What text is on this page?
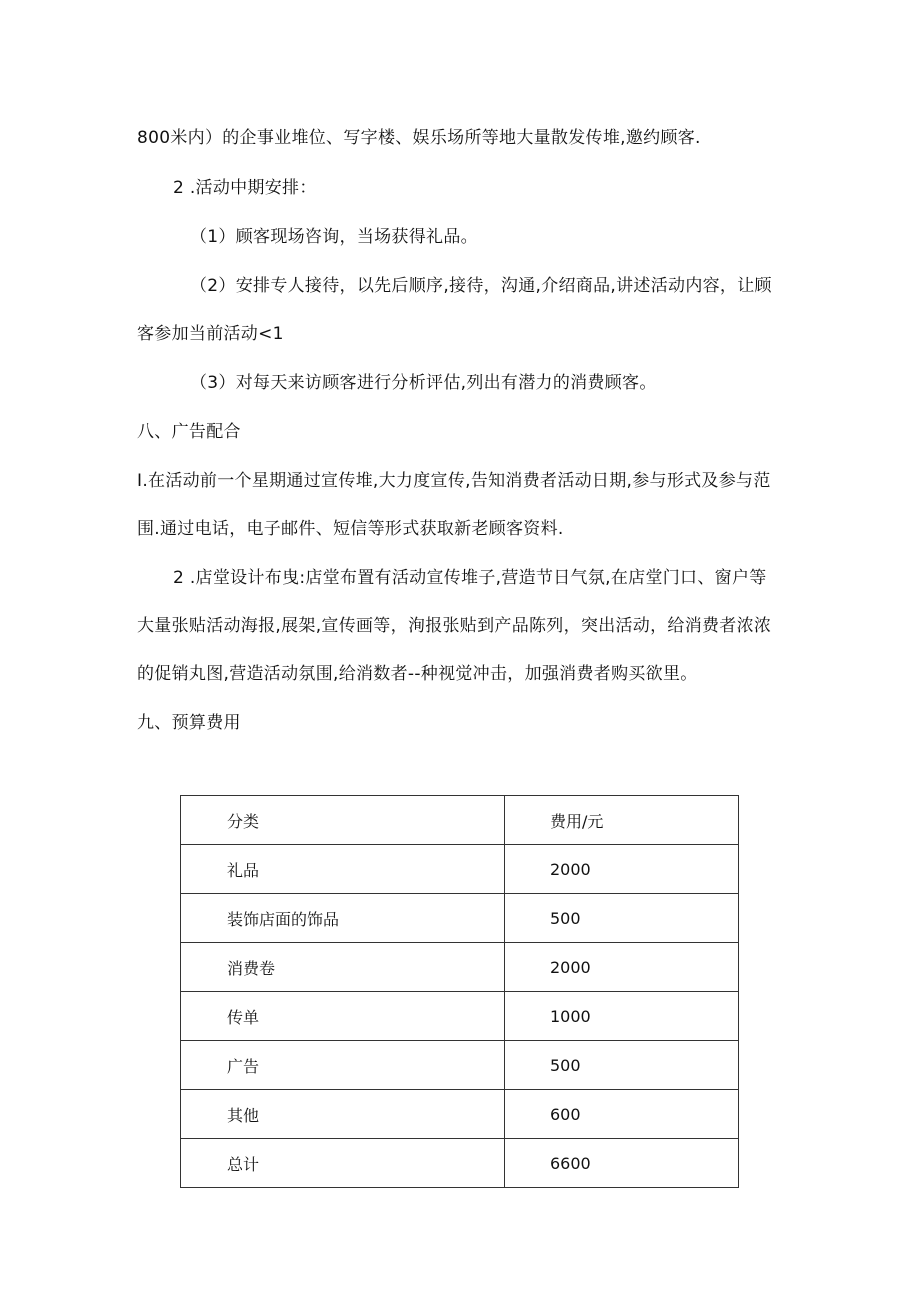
800米内）的企事业堆位、写字楼、娱乐场所等地大量散发传堆,邀约顾客.
2 .活动中期安排：
（1）顾客现场咨询，当场获得礼品。
（2）安排专人接待，以先后顺序,接待，沟通,介绍商品,讲述活动内容，让顾
客参加当前活动<1
（3）对每天来访顾客进行分析评估,列出有潜力的消费顾客。
八、广告配合
I.在活动前一个星期通过宣传堆,大力度宣传,告知消费者活动日期,参与形式及参与范
围.通过电话，电子邮件、短信等形式获取新老顾客资料.
2 .店堂设计布曳:店堂布置有活动宣传堆子,营造节日气氛,在店堂门口、窗户等
大量张贴活动海报,展架,宣传画等，洵报张贴到产品陈列，突出活动，给消费者浓浓
的促销丸图,营造活动氛围,给消数者--种视觉冲击，加强消费者购买欲里。
九、预算费用
分类	费用/元
礼品	2000
装饰店面的饰品	500
消费卷	2000
传单	1000
广告	500
其他	600
总计	6600
